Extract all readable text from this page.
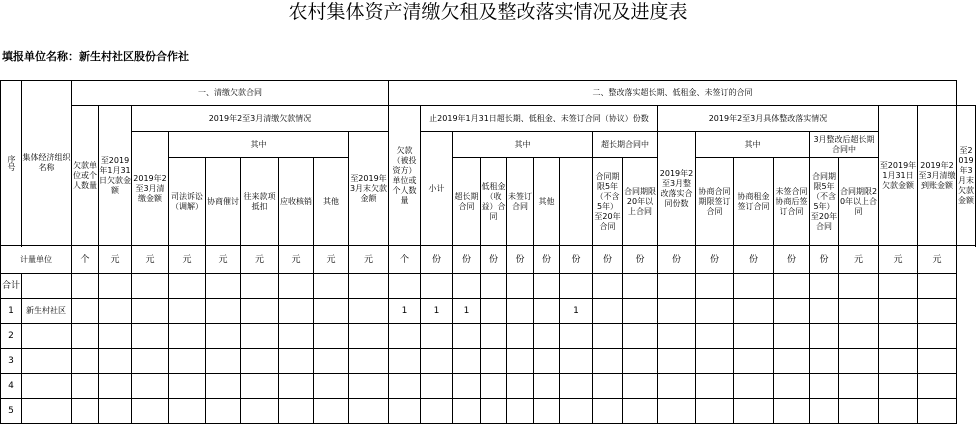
农村集体资产清缴欠租及整改落实情况及进度表
填报单位名称：新生村社区股份合作社
序号	集体经济组织名称	一、清缴欠款合同									二、整改落实超长期、低租金、未签订的合同																	
		欠款单位或个人数量	至2019年1月31日欠款金额	2019年2至3月清缴欠款情况							欠款（被投资方）单位或个人数量	止2019年1月31日超长期、低租金、未签订合同（协议）份数								2019年2至3月具体整改落实情况						至2019年1月31日欠款金额	2019年2至3月清缴到账金额	至2019年3月末欠款金额
				2019年2至3月清缴金额	其中					至2019年3月末欠款金额		小计	其中					超长期合同中		2019年2至3月整改落实合同份数	其中			3月整改后超长期合同中				
					司法诉讼（调解）	协商催讨	往来款项抵扣	应收核销	其他				超长期合同	低租金（收益）合同	未签订合同	其他		合同期限5年（不含5年）至20年合同	合同期限20年以上合同		协商合同期限签订合同	协商租金签订合同	未签合同协商后签订合同	合同期限5年（不含5年）至20年合同	合同期限20年以上合同			

计量单位		个	元	元	元	元	元	元	元	元	个	份	份	份	份	份	份	份	份	份	份	份	份	份	元	元	元	
合计																												
1	新生村社区										1	1	1				1											
2																												
3																												
4																												
5																												
